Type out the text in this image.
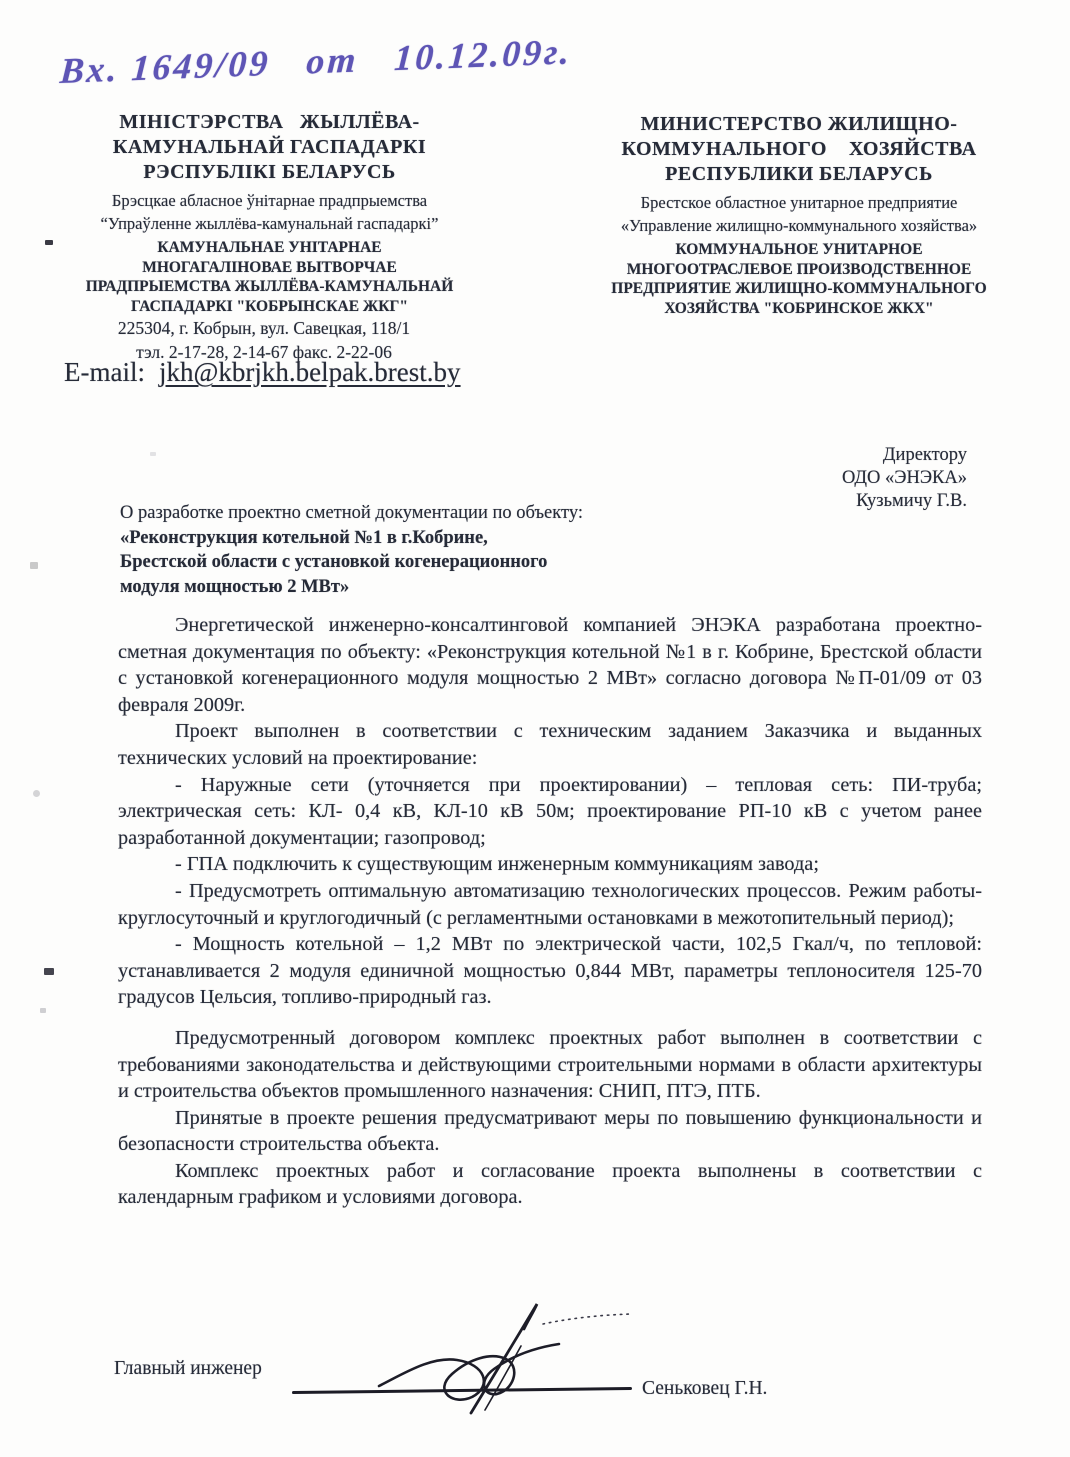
Вх. 1649/09   от   10.12.09г.
МІНІСТЭРСТВА   ЖЫЛЛЁВА-
КАМУНАЛЬНАЙ ГАСПАДАРКІ
РЭСПУБЛІКІ БЕЛАРУСЬ
Брэсцкае абласное ўнітарнае прадпрыемства
“Упраўленне жыллёва-камунальнай гаспадаркі”
КАМУНАЛЬНАЕ УНІТАРНАЕ
МНОГАГАЛІНОВАЕ ВЫТВОРЧАЕ
ПРАДПРЫЕМСТВА ЖЫЛЛЁВА-КАМУНАЛЬНАЙ
ГАСПАДАРКІ "КОБРЫНСКАЕ ЖКГ"
МИНИСТЕРСТВО ЖИЛИЩНО-
КОММУНАЛЬНОГО    ХОЗЯЙСТВА
РЕСПУБЛИКИ БЕЛАРУСЬ
Брестское областное унитарное предприятие
«Управление жилищно-коммунального хозяйства»
КОММУНАЛЬНОЕ УНИТАРНОЕ
МНОГООТРАСЛЕВОЕ ПРОИЗВОДСТВЕННОЕ
ПРЕДПРИЯТИЕ ЖИЛИЩНО-КОММУНАЛЬНОГО
ХОЗЯЙСТВА "КОБРИНСКОЕ ЖКХ"
225304, г. Кобрын, вул. Савецкая, 118/1
тэл. 2-17-28, 2-14-67 факс. 2-22-06
E-mail: jkh@kbrjkh.belpak.brest.by
Директору
ОДО «ЭНЭКА»
Кузьмичу Г.В.
О разработке проектно сметной документации по объекту:
«Реконструкция котельной №1 в г.Кобрине,
Брестской области с установкой когенерационного
модуля мощностью 2 МВт»

Энергетической инженерно-консалтинговой компанией ЭНЭКА разработана проектно-сметная документация по объекту: «Реконструкция котельной №1 в г. Кобрине, Брестской области с установкой когенерационного модуля мощностью 2 МВт» согласно договора №П-01/09 от 03 февраля 2009г.

Проект выполнен в соответствии с техническим заданием Заказчика и выданных технических условий на проектирование:

- Наружные сети (уточняется при проектировании) – тепловая сеть: ПИ-труба; электрическая сеть: КЛ- 0,4 кВ, КЛ-10 кВ 50м; проектирование РП-10 кВ с учетом ранее разработанной документации; газопровод;

- ГПА подключить к существующим инженерным коммуникациям завода;

- Предусмотреть оптимальную автоматизацию технологических процессов. Режим работы- круглосуточный и круглогодичный (с регламентными остановками в межотопительный период);

- Мощность котельной – 1,2 МВт по электрической части, 102,5 Гкал/ч, по тепловой: устанавливается 2 модуля единичной мощностью 0,844 МВт, параметры теплоносителя 125-70 градусов Цельсия, топливо-природный газ.

Предусмотренный договором комплекс проектных работ выполнен в соответствии с требованиями законодательства и действующими строительными нормами в области архитектуры и строительства объектов промышленного назначения: СНИП, ПТЭ, ПТБ.

Принятые в проекте решения предусматривают меры по повышению функциональности и безопасности строительства объекта.

Комплекс проектных работ и согласование проекта выполнены в соответствии с календарным графиком и условиями договора.

Главный инженер
Сеньковец Г.Н.
